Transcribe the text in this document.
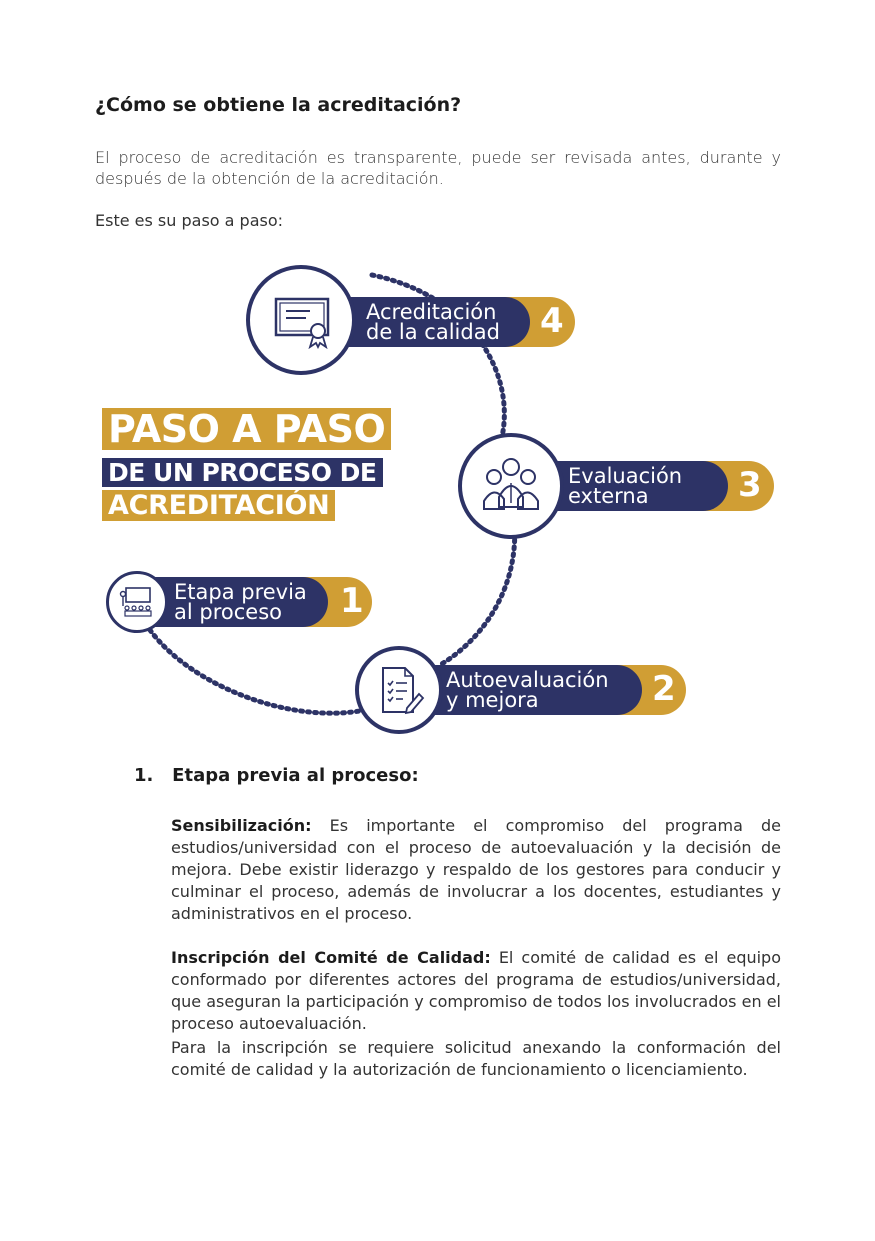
¿Cómo se obtiene la acreditación?
El proceso de acreditación es transparente, puede ser revisada antes, durante y después de la obtención de la acreditación.
Este es su paso a paso:
PASO A PASO
DE UN PROCESO DE
ACREDITACIÓN
Acreditación
de la calidad 4
Evaluación
externa	3
Etapa previa
al proceso	1
Autoevaluación
y mejora	2
1.   Etapa previa al proceso:
Sensibilización: Es importante el compromiso del programa de estudios/universidad con el proceso de autoevaluación y la decisión de mejora. Debe existir liderazgo y respaldo de los gestores para conducir y culminar el proceso, además de involucrar a los docentes, estudiantes y administrativos en el proceso.
Inscripción del Comité de Calidad: El comité de calidad es el equipo conformado por diferentes actores del programa de estudios/universidad, que aseguran la participación y compromiso de todos los involucrados en el proceso autoevaluación.
Para la inscripción se requiere solicitud anexando la conformación del comité de calidad y la autorización de funcionamiento o licenciamiento.
